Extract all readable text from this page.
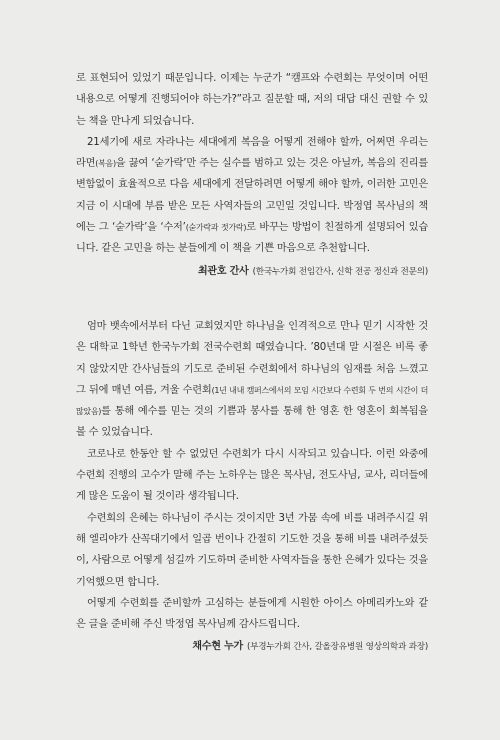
로 표현되어 있었기 때문입니다. 이제는 누군가 “캠프와 수련회는 무엇이며 어떤 내용으로 어떻게 진행되어야 하는가?”라고 질문할 때, 저의 대답 대신 권할 수 있는 책을 만나게 되었습니다.

21세기에 새로 자라나는 세대에게 복음을 어떻게 전해야 할까, 어쩌면 우리는 라면(복음)을 끓여 ‘숟가락’만 주는 실수를 범하고 있는 것은 아닐까, 복음의 진리를 변함없이 효율적으로 다음 세대에게 전달하려면 어떻게 해야 할까, 이러한 고민은 지금 이 시대에 부름 받은 모든 사역자들의 고민일 것입니다. 박정엽 목사님의 책에는 그 ‘숟가락’을 ‘수저’(숟가락과 젓가락)로 바꾸는 방법이 친절하게 설명되어 있습니다. 같은 고민을 하는 분들에게 이 책을 기쁜 마음으로 추천합니다.

최관호 간사 (한국누가회 전임간사, 신학 전공 정신과 전문의)

엄마 뱃속에서부터 다닌 교회였지만 하나님을 인격적으로 만나 믿기 시작한 것은 대학교 1학년 한국누가회 전국수련회 때였습니다. ’80년대 말 시절은 비록 좋지 않았지만 간사님들의 기도로 준비된 수련회에서 하나님의 임재를 처음 느꼈고 그 뒤에 매년 여름, 겨울 수련회(1년 내내 캠퍼스에서의 모임 시간보다 수련회 두 번의 시간이 더 많았음)를 통해 예수를 믿는 것의 기쁨과 봉사를 통해 한 영혼 한 영혼이 회복됨을 볼 수 있었습니다.

코로나로 한동안 할 수 없었던 수련회가 다시 시작되고 있습니다. 이런 와중에 수련회 진행의 고수가 말해 주는 노하우는 많은 목사님, 전도사님, 교사, 리더들에게 많은 도움이 될 것이라 생각됩니다.

수련회의 은혜는 하나님이 주시는 것이지만 3년 가뭄 속에 비를 내려주시길 위해 엘리야가 산꼭대기에서 일곱 번이나 간절히 기도한 것을 통해 비를 내려주셨듯이, 사람으로 어떻게 섬길까 기도하며 준비한 사역자들을 통한 은혜가 있다는 것을 기억했으면 합니다.

어떻게 수련회를 준비할까 고심하는 분들에게 시원한 아이스 아메리카노와 같은 글을 준비해 주신 박정엽 목사님께 감사드립니다.

채수현 누가 (부경누가회 간사, 갈올장유병원 영상의학과 과장)
